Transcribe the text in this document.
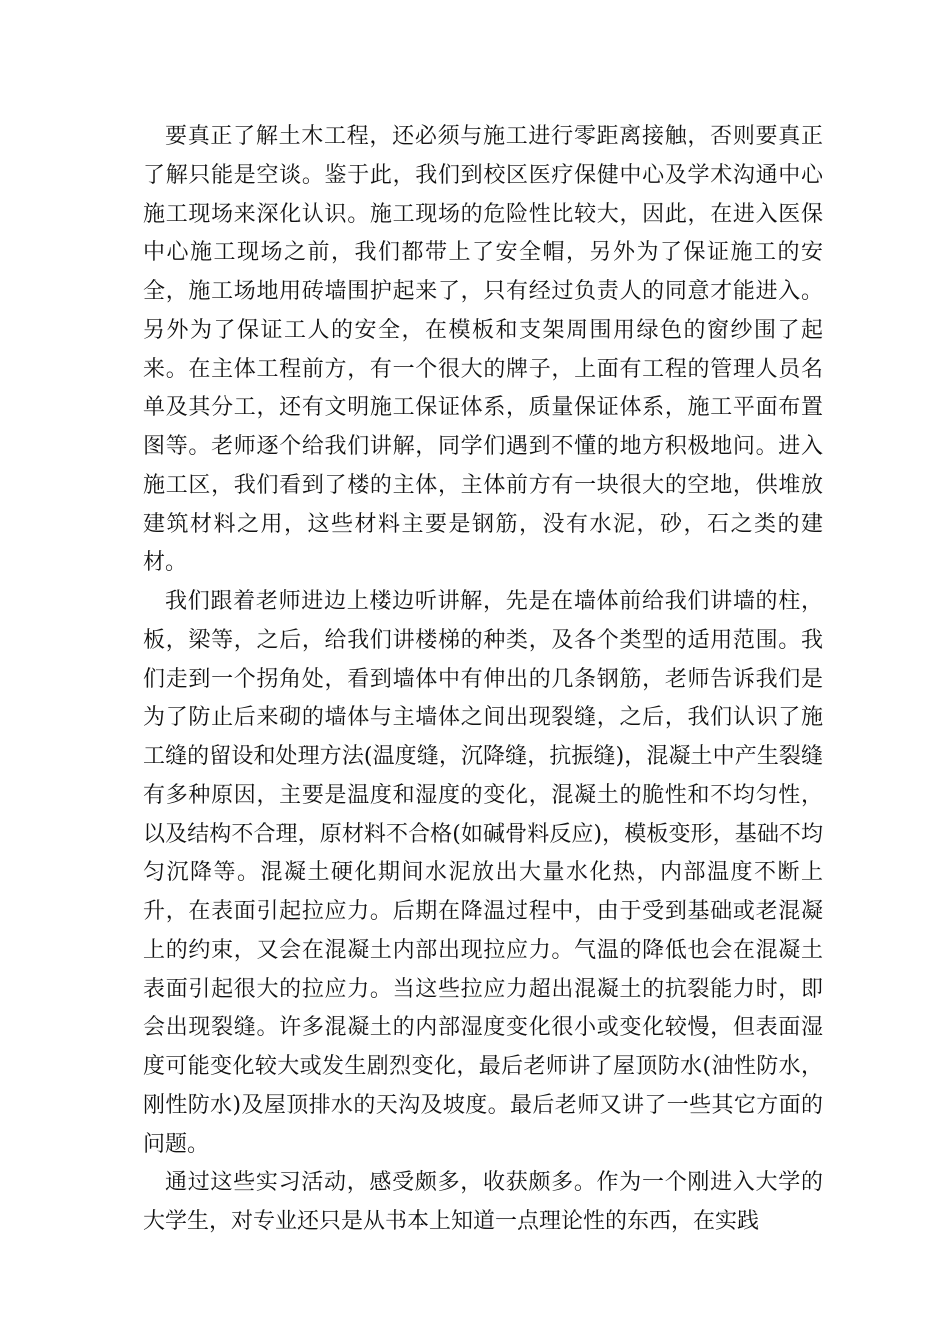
要真正了解土木工程，还必须与施工进行零距离接触，否则要真正了解只能是空谈。鉴于此，我们到校区医疗保健中心及学术沟通中心施工现场来深化认识。施工现场的危险性比较大，因此，在进入医保中心施工现场之前，我们都带上了安全帽，另外为了保证施工的安全，施工场地用砖墙围护起来了，只有经过负责人的同意才能进入。另外为了保证工人的安全，在模板和支架周围用绿色的窗纱围了起来。在主体工程前方，有一个很大的牌子，上面有工程的管理人员名单及其分工，还有文明施工保证体系，质量保证体系，施工平面布置图等。老师逐个给我们讲解，同学们遇到不懂的地方积极地问。进入施工区，我们看到了楼的主体，主体前方有一块很大的空地，供堆放建筑材料之用，这些材料主要是钢筋，没有水泥，砂，石之类的建材。

我们跟着老师进边上楼边听讲解，先是在墙体前给我们讲墙的柱，板，梁等，之后，给我们讲楼梯的种类，及各个类型的适用范围。我们走到一个拐角处，看到墙体中有伸出的几条钢筋，老师告诉我们是为了防止后来砌的墙体与主墙体之间出现裂缝，之后，我们认识了施工缝的留设和处理方法(温度缝，沉降缝，抗振缝)，混凝土中产生裂缝有多种原因，主要是温度和湿度的变化，混凝土的脆性和不均匀性，以及结构不合理，原材料不合格(如碱骨料反应)，模板变形，基础不均匀沉降等。混凝土硬化期间水泥放出大量水化热，内部温度不断上升，在表面引起拉应力。后期在降温过程中，由于受到基础或老混凝上的约束，又会在混凝土内部出现拉应力。气温的降低也会在混凝土表面引起很大的拉应力。当这些拉应力超出混凝土的抗裂能力时，即会出现裂缝。许多混凝土的内部湿度变化很小或变化较慢，但表面湿度可能变化较大或发生剧烈变化，最后老师讲了屋顶防水(油性防水，刚性防水)及屋顶排水的天沟及坡度。最后老师又讲了一些其它方面的问题。

通过这些实习活动，感受颇多，收获颇多。作为一个刚进入大学的大学生，对专业还只是从书本上知道一点理论性的东西，在实践
